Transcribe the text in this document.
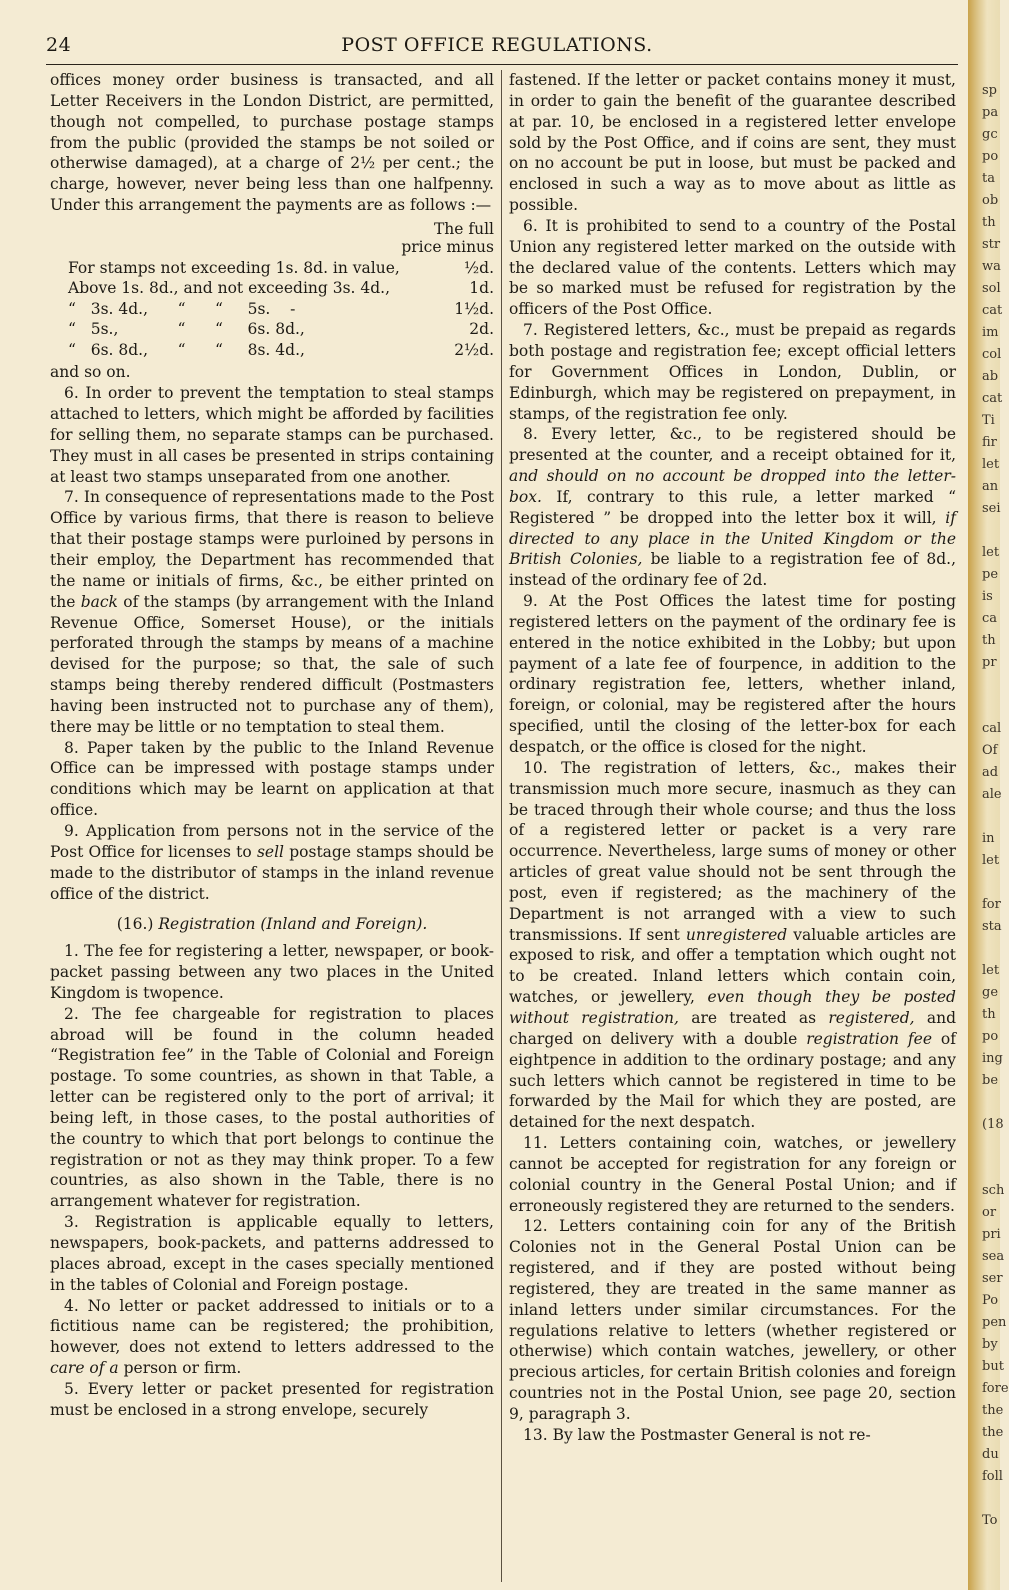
24	POST OFFICE REGULATIONS.

offices money order business is transacted, and all Letter Receivers in the London District, are permitted, though not compelled, to purchase postage stamps from the public (provided the stamps be not soiled or otherwise damaged), at a charge of 2½ per cent.; the charge, however, never being less than one halfpenny. Under this arrangement the payments are as follows :—

The full
price minus
For stamps not exceeding 1s. 8d. in value,	½d.
Above 1s. 8d., and not exceeding 3s. 4d.,	1d.
“   3s. 4d.,      “      “     5s.    -	1½d.
“   5s.,            “      “     6s. 8d.,	2d.
“   6s. 8d.,      “      “     8s. 4d.,	2½d.

and so on.

6. In order to prevent the temptation to steal stamps attached to letters, which might be afforded by facilities for selling them, no separate stamps can be purchased. They must in all cases be presented in strips containing at least two stamps unseparated from one another.

7. In consequence of representations made to the Post Office by various firms, that there is reason to believe that their postage stamps were purloined by persons in their employ, the Department has recommended that the name or initials of firms, &c., be either printed on the back of the stamps (by arrangement with the Inland Revenue Office, Somerset House), or the initials perforated through the stamps by means of a machine devised for the purpose; so that, the sale of such stamps being thereby rendered difficult (Postmasters having been instructed not to purchase any of them), there may be little or no temptation to steal them.

8. Paper taken by the public to the Inland Revenue Office can be impressed with postage stamps under conditions which may be learnt on application at that office.

9. Application from persons not in the service of the Post Office for licenses to sell postage stamps should be made to the distributor of stamps in the inland revenue office of the district.

(16.) Registration (Inland and Foreign).

1. The fee for registering a letter, newspaper, or book-packet passing between any two places in the United Kingdom is twopence.

2. The fee chargeable for registration to places abroad will be found in the column headed “Registration fee” in the Table of Colonial and Foreign postage. To some countries, as shown in that Table, a letter can be registered only to the port of arrival; it being left, in those cases, to the postal authorities of the country to which that port belongs to continue the registration or not as they may think proper. To a few countries, as also shown in the Table, there is no arrangement whatever for registration.

3. Registration is applicable equally to letters, newspapers, book-packets, and patterns addressed to places abroad, except in the cases specially mentioned in the tables of Colonial and Foreign postage.

4. No letter or packet addressed to initials or to a fictitious name can be registered; the prohibition, however, does not extend to letters addressed to the care of a person or firm.

5. Every letter or packet presented for registration must be enclosed in a strong envelope, securely

fastened. If the letter or packet contains money it must, in order to gain the benefit of the guarantee described at par. 10, be enclosed in a registered letter envelope sold by the Post Office, and if coins are sent, they must on no account be put in loose, but must be packed and enclosed in such a way as to move about as little as possible.

6. It is prohibited to send to a country of the Postal Union any registered letter marked on the outside with the declared value of the contents. Letters which may be so marked must be refused for registration by the officers of the Post Office.

7. Registered letters, &c., must be prepaid as regards both postage and registration fee; except official letters for Government Offices in London, Dublin, or Edinburgh, which may be registered on prepayment, in stamps, of the registration fee only.

8. Every letter, &c., to be registered should be presented at the counter, and a receipt obtained for it, and should on no account be dropped into the letter-box. If, contrary to this rule, a letter marked “ Registered ” be dropped into the letter box it will, if directed to any place in the United Kingdom or the British Colonies, be liable to a registration fee of 8d., instead of the ordinary fee of 2d.

9. At the Post Offices the latest time for posting registered letters on the payment of the ordinary fee is entered in the notice exhibited in the Lobby; but upon payment of a late fee of fourpence, in addition to the ordinary registration fee, letters, whether inland, foreign, or colonial, may be registered after the hours specified, until the closing of the letter-box for each despatch, or the office is closed for the night.

10. The registration of letters, &c., makes their transmission much more secure, inasmuch as they can be traced through their whole course; and thus the loss of a registered letter or packet is a very rare occurrence. Nevertheless, large sums of money or other articles of great value should not be sent through the post, even if registered; as the machinery of the Department is not arranged with a view to such transmissions. If sent unregistered valuable articles are exposed to risk, and offer a temptation which ought not to be created. Inland letters which contain coin, watches, or jewellery, even though they be posted without registration, are treated as registered, and charged on delivery with a double registration fee of eightpence in addition to the ordinary postage; and any such letters which cannot be registered in time to be forwarded by the Mail for which they are posted, are detained for the next despatch.

11. Letters containing coin, watches, or jewellery cannot be accepted for registration for any foreign or colonial country in the General Postal Union; and if erroneously registered they are returned to the senders.

12. Letters containing coin for any of the British Colonies not in the General Postal Union can be registered, and if they are posted without being registered, they are treated in the same manner as inland letters under similar circumstances. For the regulations relative to letters (whether registered or otherwise) which contain watches, jewellery, or other precious articles, for certain British colonies and foreign countries not in the Postal Union, see page 20, section 9, paragraph 3.

13. By law the Postmaster General is not re-

sp
pa
gc
po
ta
ob
th
str
wa
sol
cat
im
col
ab
cat
Ti
fir
let
an
sei

let
pe
is
ca
th
pr

cal
Of
ad
ale

in
let

for
sta

let
ge
th
po
ing
be

(18

sch
or
pri
sea
ser
Po
pen
by
but
fore
the
the
du
foll

To
